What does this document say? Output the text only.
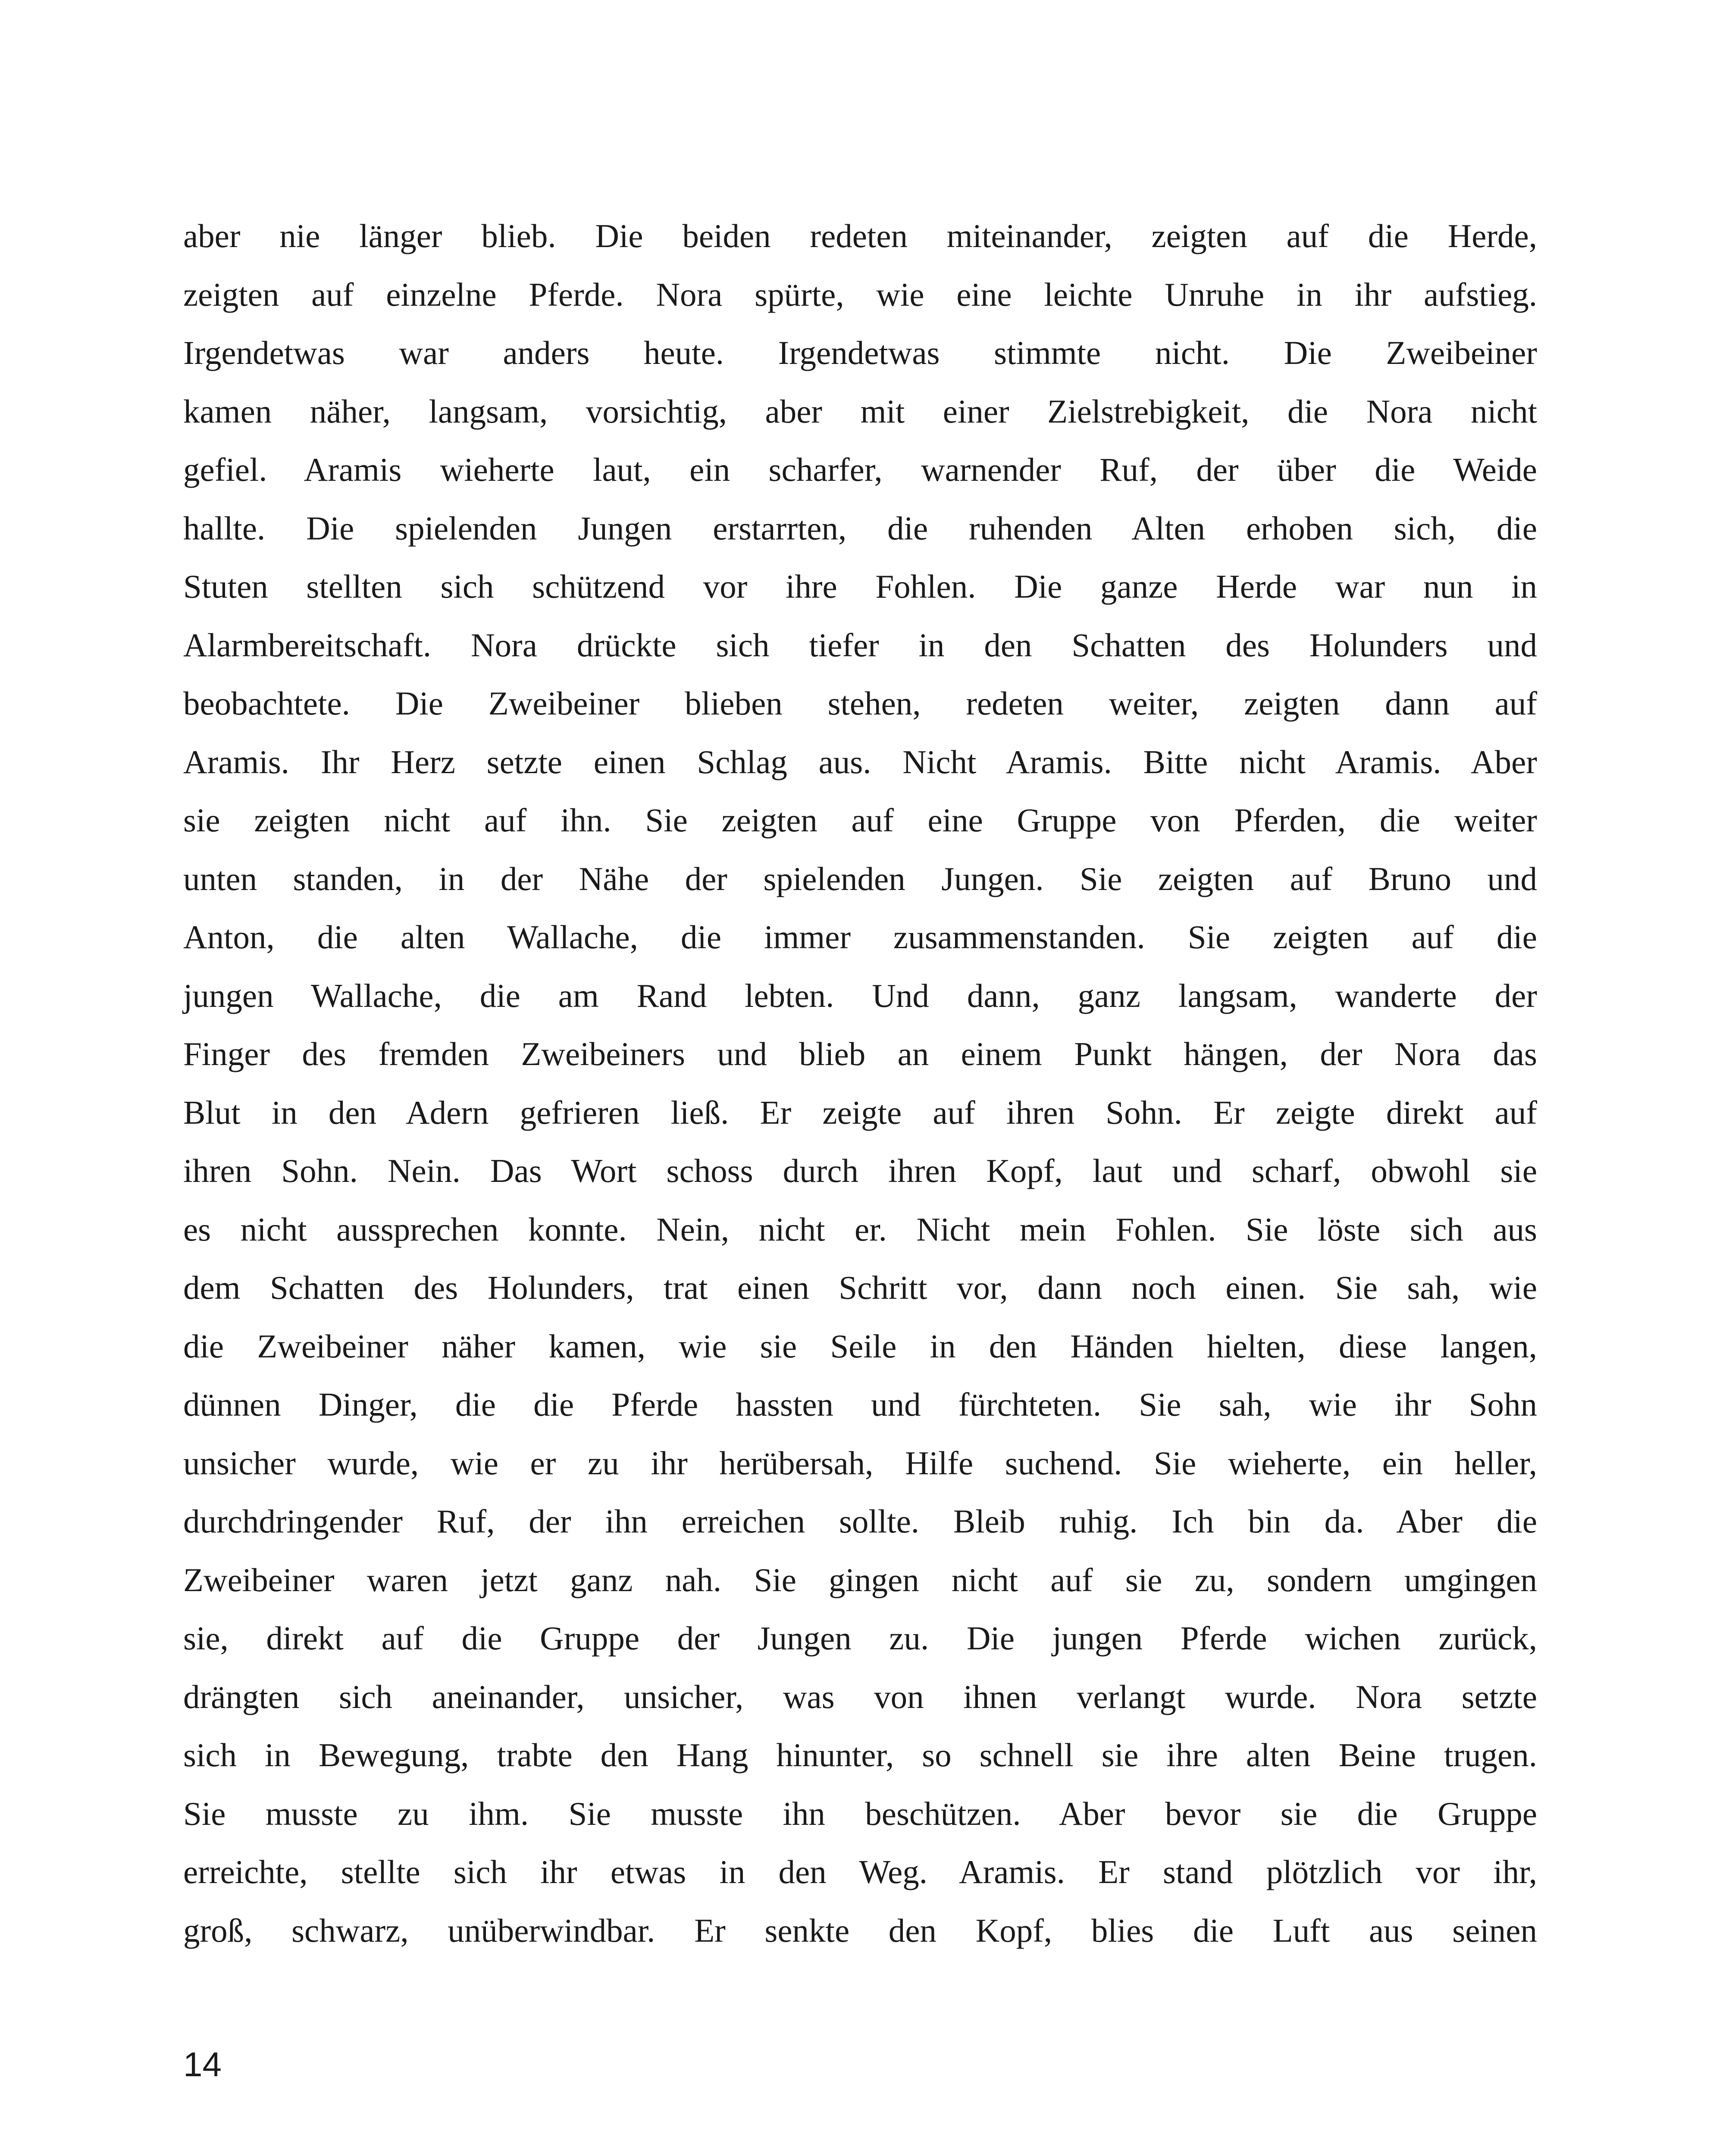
aber nie länger blieb. Die beiden redeten miteinander, zeigten auf die Herde,
zeigten auf einzelne Pferde. Nora spürte, wie eine leichte Unruhe in ihr aufstieg.
Irgendetwas war anders heute. Irgendetwas stimmte nicht. Die Zweibeiner
kamen näher, langsam, vorsichtig, aber mit einer Zielstrebigkeit, die Nora nicht
gefiel. Aramis wieherte laut, ein scharfer, warnender Ruf, der über die Weide
hallte. Die spielenden Jungen erstarrten, die ruhenden Alten erhoben sich, die
Stuten stellten sich schützend vor ihre Fohlen. Die ganze Herde war nun in
Alarmbereitschaft. Nora drückte sich tiefer in den Schatten des Holunders und
beobachtete. Die Zweibeiner blieben stehen, redeten weiter, zeigten dann auf
Aramis. Ihr Herz setzte einen Schlag aus. Nicht Aramis. Bitte nicht Aramis. Aber
sie zeigten nicht auf ihn. Sie zeigten auf eine Gruppe von Pferden, die weiter
unten standen, in der Nähe der spielenden Jungen. Sie zeigten auf Bruno und
Anton, die alten Wallache, die immer zusammenstanden. Sie zeigten auf die
jungen Wallache, die am Rand lebten. Und dann, ganz langsam, wanderte der
Finger des fremden Zweibeiners und blieb an einem Punkt hängen, der Nora das
Blut in den Adern gefrieren ließ. Er zeigte auf ihren Sohn. Er zeigte direkt auf
ihren Sohn. Nein. Das Wort schoss durch ihren Kopf, laut und scharf, obwohl sie
es nicht aussprechen konnte. Nein, nicht er. Nicht mein Fohlen. Sie löste sich aus
dem Schatten des Holunders, trat einen Schritt vor, dann noch einen. Sie sah, wie
die Zweibeiner näher kamen, wie sie Seile in den Händen hielten, diese langen,
dünnen Dinger, die die Pferde hassten und fürchteten. Sie sah, wie ihr Sohn
unsicher wurde, wie er zu ihr herübersah, Hilfe suchend. Sie wieherte, ein heller,
durchdringender Ruf, der ihn erreichen sollte. Bleib ruhig. Ich bin da. Aber die
Zweibeiner waren jetzt ganz nah. Sie gingen nicht auf sie zu, sondern umgingen
sie, direkt auf die Gruppe der Jungen zu. Die jungen Pferde wichen zurück,
drängten sich aneinander, unsicher, was von ihnen verlangt wurde. Nora setzte
sich in Bewegung, trabte den Hang hinunter, so schnell sie ihre alten Beine trugen.
Sie musste zu ihm. Sie musste ihn beschützen. Aber bevor sie die Gruppe
erreichte, stellte sich ihr etwas in den Weg. Aramis. Er stand plötzlich vor ihr,
groß, schwarz, unüberwindbar. Er senkte den Kopf, blies die Luft aus seinen
14
